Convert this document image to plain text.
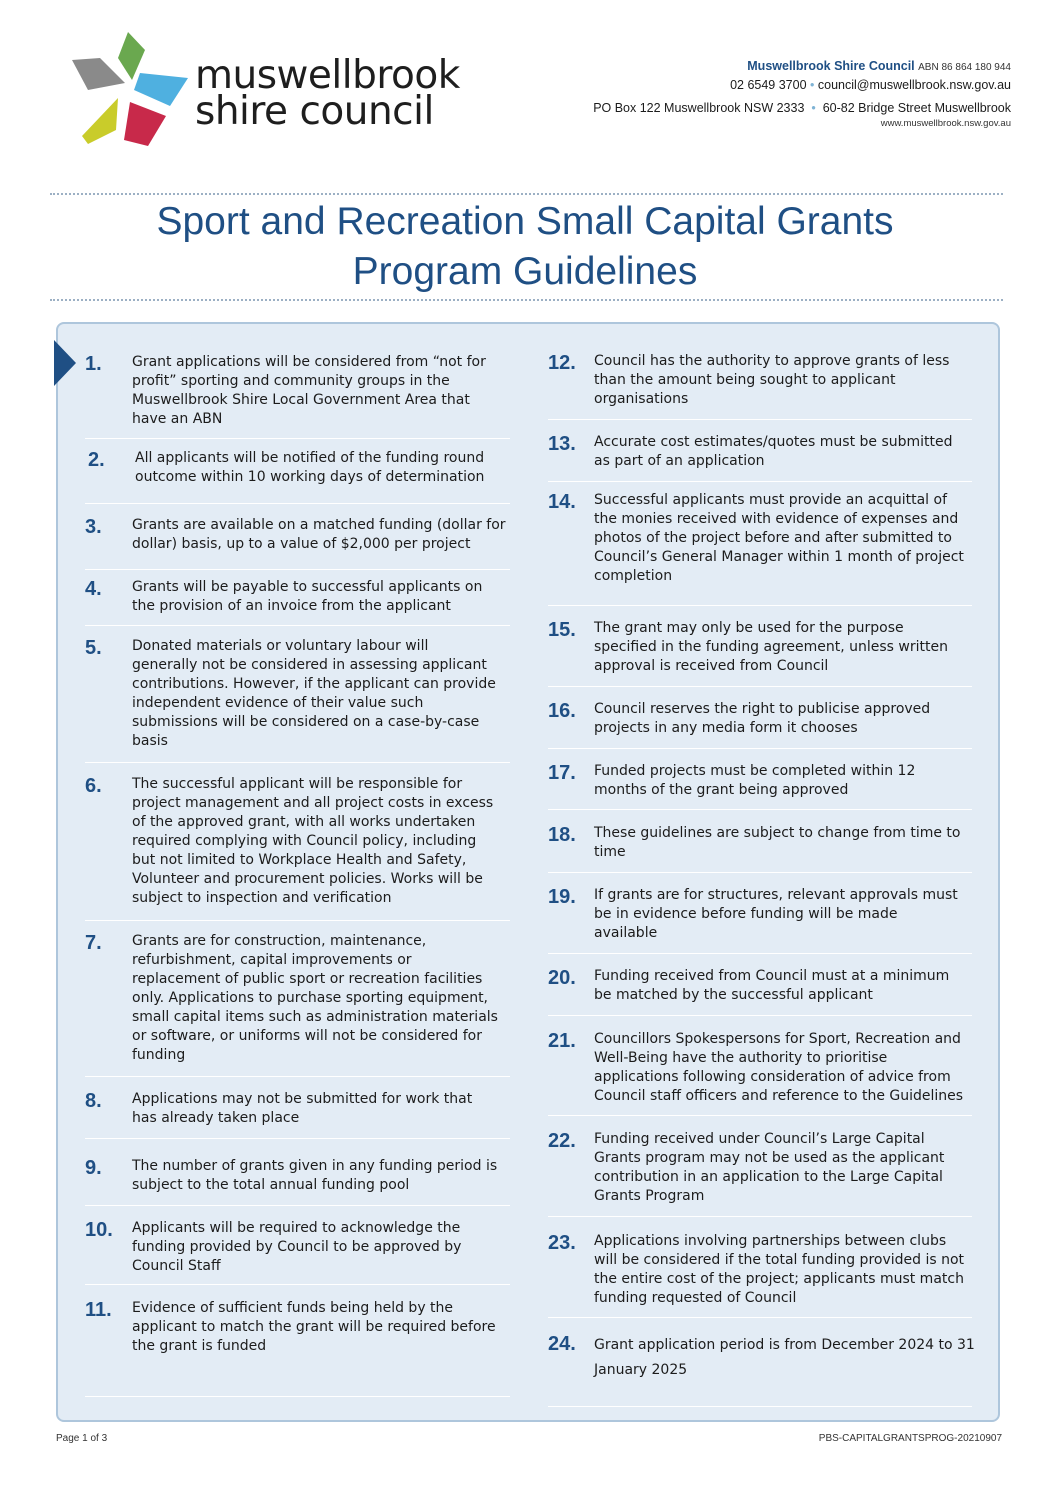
muswellbrook
shire council
Muswellbrook Shire Council ABN 86 864 180 944
02 6549 3700 • council@muswellbrook.nsw.gov.au
PO Box 122 Muswellbrook NSW 2333 • 60-82 Bridge Street Muswellbrook
www.muswellbrook.nsw.gov.au
Sport and Recreation Small Capital Grants
Program Guidelines
1. Grant applications will be considered from “not for profit” sporting and community groups in the Muswellbrook Shire Local Government Area that have an ABN
2. All applicants will be notified of the funding round outcome within 10 working days of determination
3. Grants are available on a matched funding (dollar for dollar) basis, up to a value of $2,000 per project
4. Grants will be payable to successful applicants on the provision of an invoice from the applicant
5. Donated materials or voluntary labour will generally not be considered in assessing applicant contributions. However, if the applicant can provide independent evidence of their value such submissions will be considered on a case-by-case basis
6. The successful applicant will be responsible for project management and all project costs in excess of the approved grant, with all works undertaken required complying with Council policy, including but not limited to Workplace Health and Safety, Volunteer and procurement policies. Works will be subject to inspection and verification
7. Grants are for construction, maintenance, refurbishment, capital improvements or replacement of public sport or recreation facilities only. Applications to purchase sporting equipment, small capital items such as administration materials or software, or uniforms will not be considered for funding
8. Applications may not be submitted for work that has already taken place
9. The number of grants given in any funding period is subject to the total annual funding pool
10. Applicants will be required to acknowledge the funding provided by Council to be approved by Council Staff
11. Evidence of sufficient funds being held by the applicant to match the grant will be required before the grant is funded
12. Council has the authority to approve grants of less than the amount being sought to applicant organisations
13. Accurate cost estimates/quotes must be submitted as part of an application
14. Successful applicants must provide an acquittal of the monies received with evidence of expenses and photos of the project before and after submitted to Council’s General Manager within 1 month of project completion
15. The grant may only be used for the purpose specified in the funding agreement, unless written approval is received from Council
16. Council reserves the right to publicise approved projects in any media form it chooses
17. Funded projects must be completed within 12 months of the grant being approved
18. These guidelines are subject to change from time to time
19. If grants are for structures, relevant approvals must be in evidence before funding will be made available
20. Funding received from Council must at a minimum be matched by the successful applicant
21. Councillors Spokespersons for Sport, Recreation and Well-Being have the authority to prioritise applications following consideration of advice from Council staff officers and reference to the Guidelines
22. Funding received under Council’s Large Capital Grants program may not be used as the applicant contribution in an application to the Large Capital Grants Program
23. Applications involving partnerships between clubs will be considered if the total funding provided is not the entire cost of the project; applicants must match funding requested of Council
24. Grant application period is from December 2024 to 31 January 2025
Page 1 of 3	PBS-CAPITALGRANTSPROG-20210907
